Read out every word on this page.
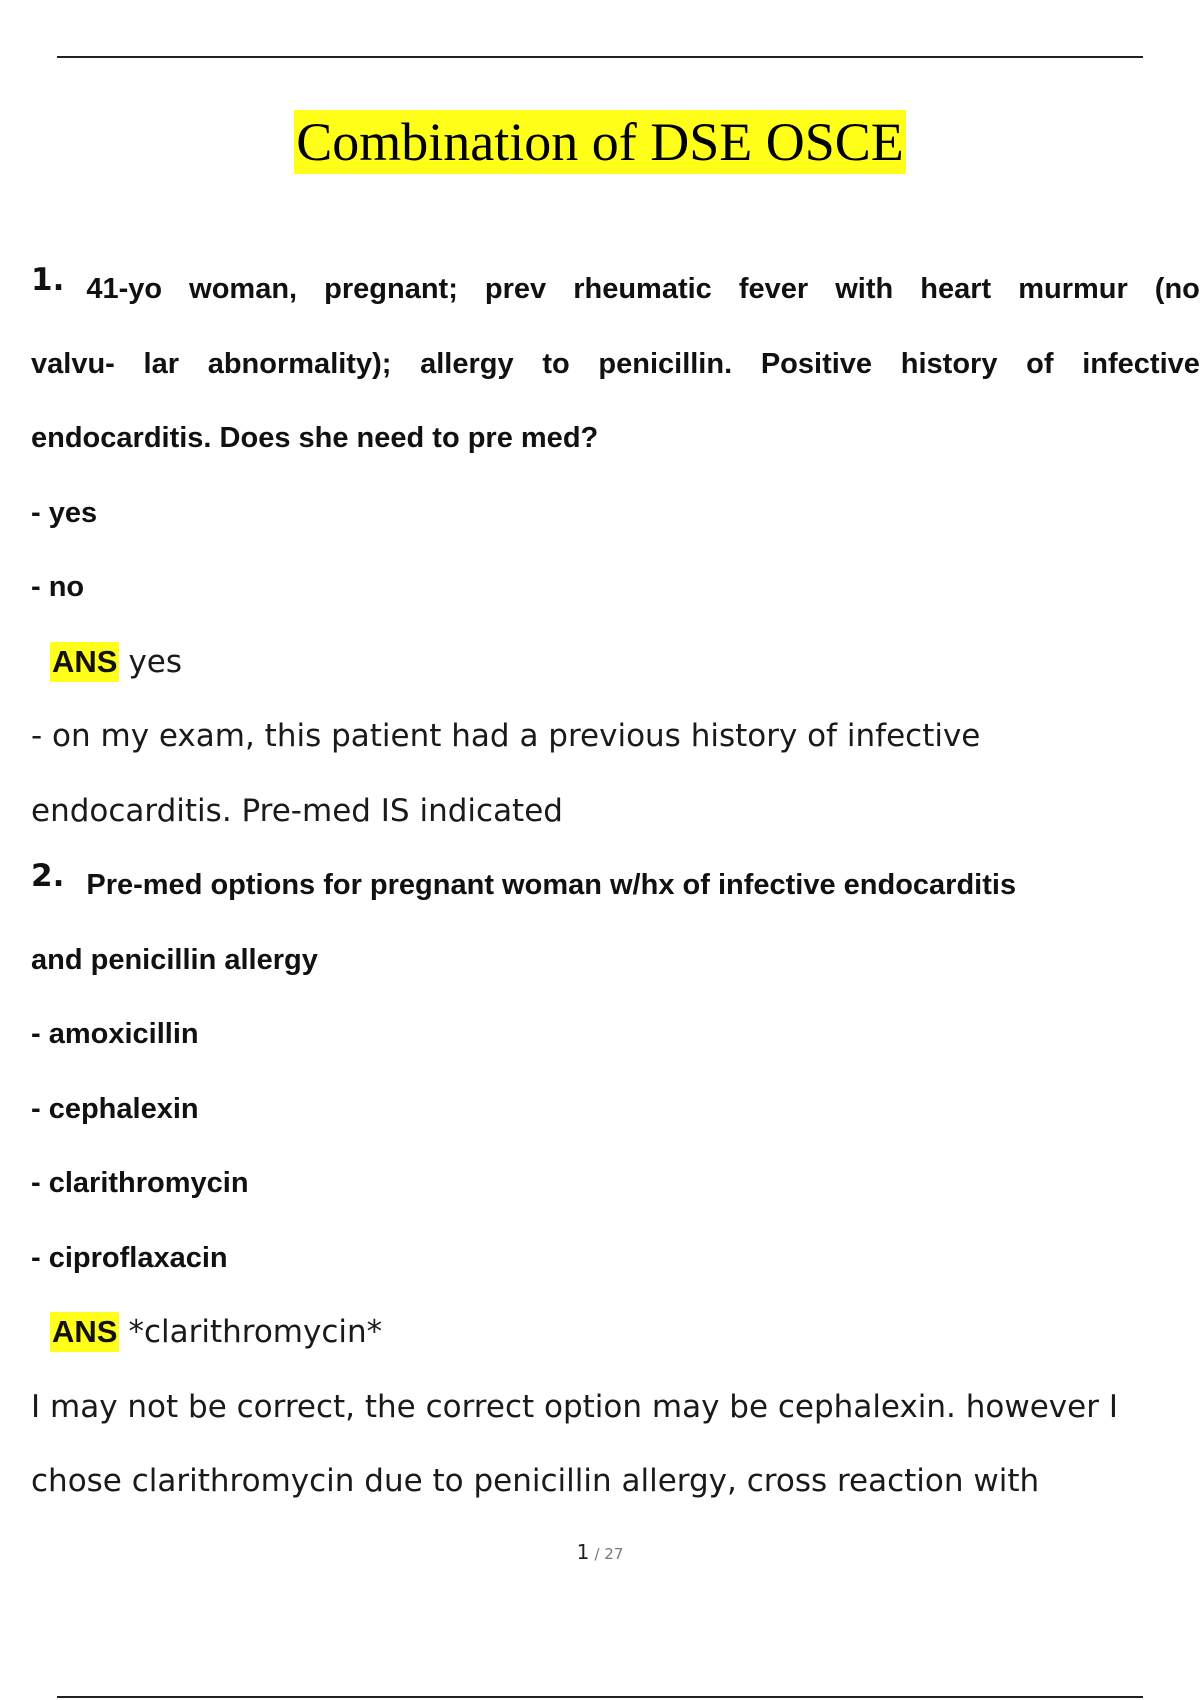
Combination of DSE OSCE
1. 41-yo woman, pregnant; prev rheumatic fever with heart murmur (no
valvu- lar abnormality); allergy to penicillin. Positive history of infective
endocarditis. Does she need to pre med?
- yes
- no
ANS yes
- on my exam, this patient had a previous history of infective
endocarditis. Pre-med IS indicated
2. Pre-med options for pregnant woman w/hx of infective endocarditis
and penicillin allergy
- amoxicillin
- cephalexin
- clarithromycin
- ciproflaxacin
ANS *clarithromycin*
I may not be correct, the correct option may be cephalexin. however I
chose clarithromycin due to penicillin allergy, cross reaction with
1 / 27
